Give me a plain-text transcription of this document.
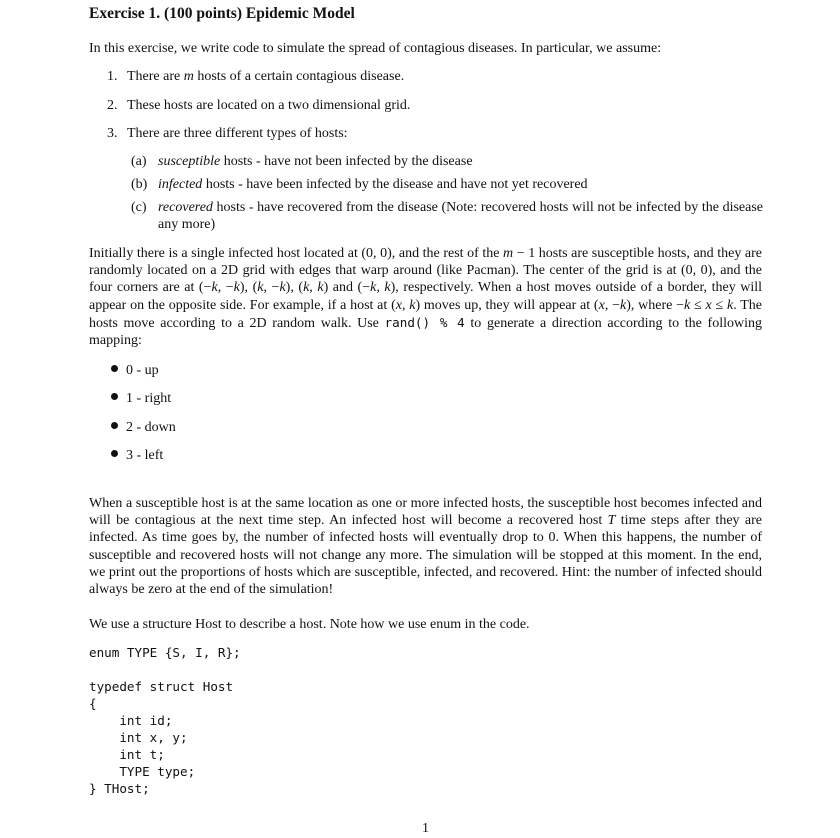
Exercise 1. (100 points) Epidemic Model

In this exercise, we write code to simulate the spread of contagious diseases. In particular, we assume:

1. There are m hosts of a certain contagious disease.
2. These hosts are located on a two dimensional grid.
3. There are three different types of hosts:
(a) susceptible hosts - have not been infected by the disease
(b) infected hosts - have been infected by the disease and have not yet recovered
(c) recovered hosts - have recovered from the disease (Note: recovered hosts will not be infected by the disease any more)

Initially there is a single infected host located at (0, 0), and the rest of the m − 1 hosts are susceptible hosts, and they are randomly located on a 2D grid with edges that warp around (like Pacman). The center of the grid is at (0, 0), and the four corners are at (−k, −k), (k, −k), (k, k) and (−k, k), respectively. When a host moves outside of a border, they will appear on the opposite side. For example, if a host at (x, k) moves up, they will appear at (x, −k), where −k ≤ x ≤ k. The hosts move according to a 2D random walk. Use rand() % 4 to generate a direction according to the following mapping:

0 - up
1 - right
2 - down
3 - left

When a susceptible host is at the same location as one or more infected hosts, the susceptible host becomes infected and will be contagious at the next time step. An infected host will become a recovered host T time steps after they are infected. As time goes by, the number of infected hosts will eventually drop to 0. When this happens, the number of susceptible and recovered hosts will not change any more. The simulation will be stopped at this moment. In the end, we print out the proportions of hosts which are susceptible, infected, and recovered. Hint: the number of infected should always be zero at the end of the simulation!

We use a structure Host to describe a host. Note how we use enum in the code.

enum TYPE {S, I, R};
typedef struct Host
{
int id;
int x, y;
int t;
TYPE type;
} THost;
1
